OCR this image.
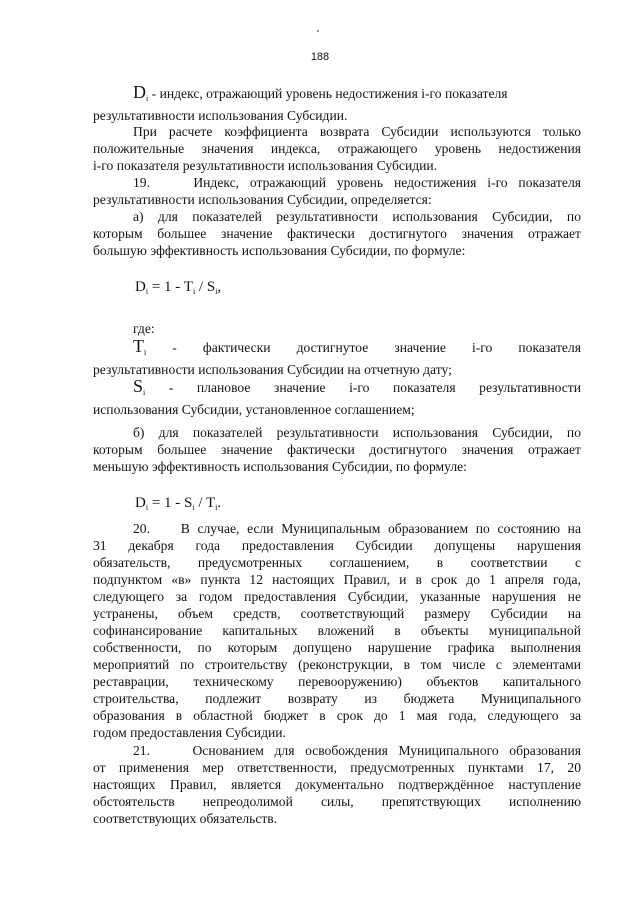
188
$D_i$ - индекс, отражающий уровень недостижения i-го показателя
результативности использования Субсидии.
При расчете коэффициента возврата Субсидии используются только
положительные значения индекса, отражающего уровень недостижения
i-го показателя результативности использования Субсидии.
19.    Индекс, отражающий уровень недостижения i-го показателя
результативности использования Субсидии, определяется:
а) для показателей результативности использования Субсидии, по
которым большее значение фактически достигнутого значения отражает
большую эффективность использования Субсидии, по формуле:
$D_i = 1 - T_i / S_i$,
где:
$T_i$ - фактически достигнутое значение i-го показателя
результативности использования Субсидии на отчетную дату;
$S_i$ - плановое значение i-го показателя результативности
использования Субсидии, установленное соглашением;
б) для показателей результативности использования Субсидии, по
которым большее значение фактически достигнутого значения отражает
меньшую эффективность использования Субсидии, по формуле:
$D_i = 1 - S_i / T_i$.
20.    В случае, если Муниципальным образованием по состоянию на
31 декабря года предоставления Субсидии допущены нарушения
обязательств, предусмотренных соглашением, в соответствии с
подпунктом «в» пункта 12 настоящих Правил, и в срок до 1 апреля года,
следующего за годом предоставления Субсидии, указанные нарушения не
устранены, объем средств, соответствующий размеру Субсидии на
софинансирование капитальных вложений в объекты муниципальной
собственности, по которым допущено нарушение графика выполнения
мероприятий по строительству (реконструкции, в том числе с элементами
реставрации, техническому перевооружению) объектов капитального
строительства, подлежит возврату из бюджета Муниципального
образования в областной бюджет в срок до 1 мая года, следующего за
годом предоставления Субсидии.
21.    Основанием для освобождения Муниципального образования
от применения мер ответственности, предусмотренных пунктами 17, 20
настоящих Правил, является документально подтверждённое наступление
обстоятельств непреодолимой силы, препятствующих исполнению
соответствующих обязательств.
